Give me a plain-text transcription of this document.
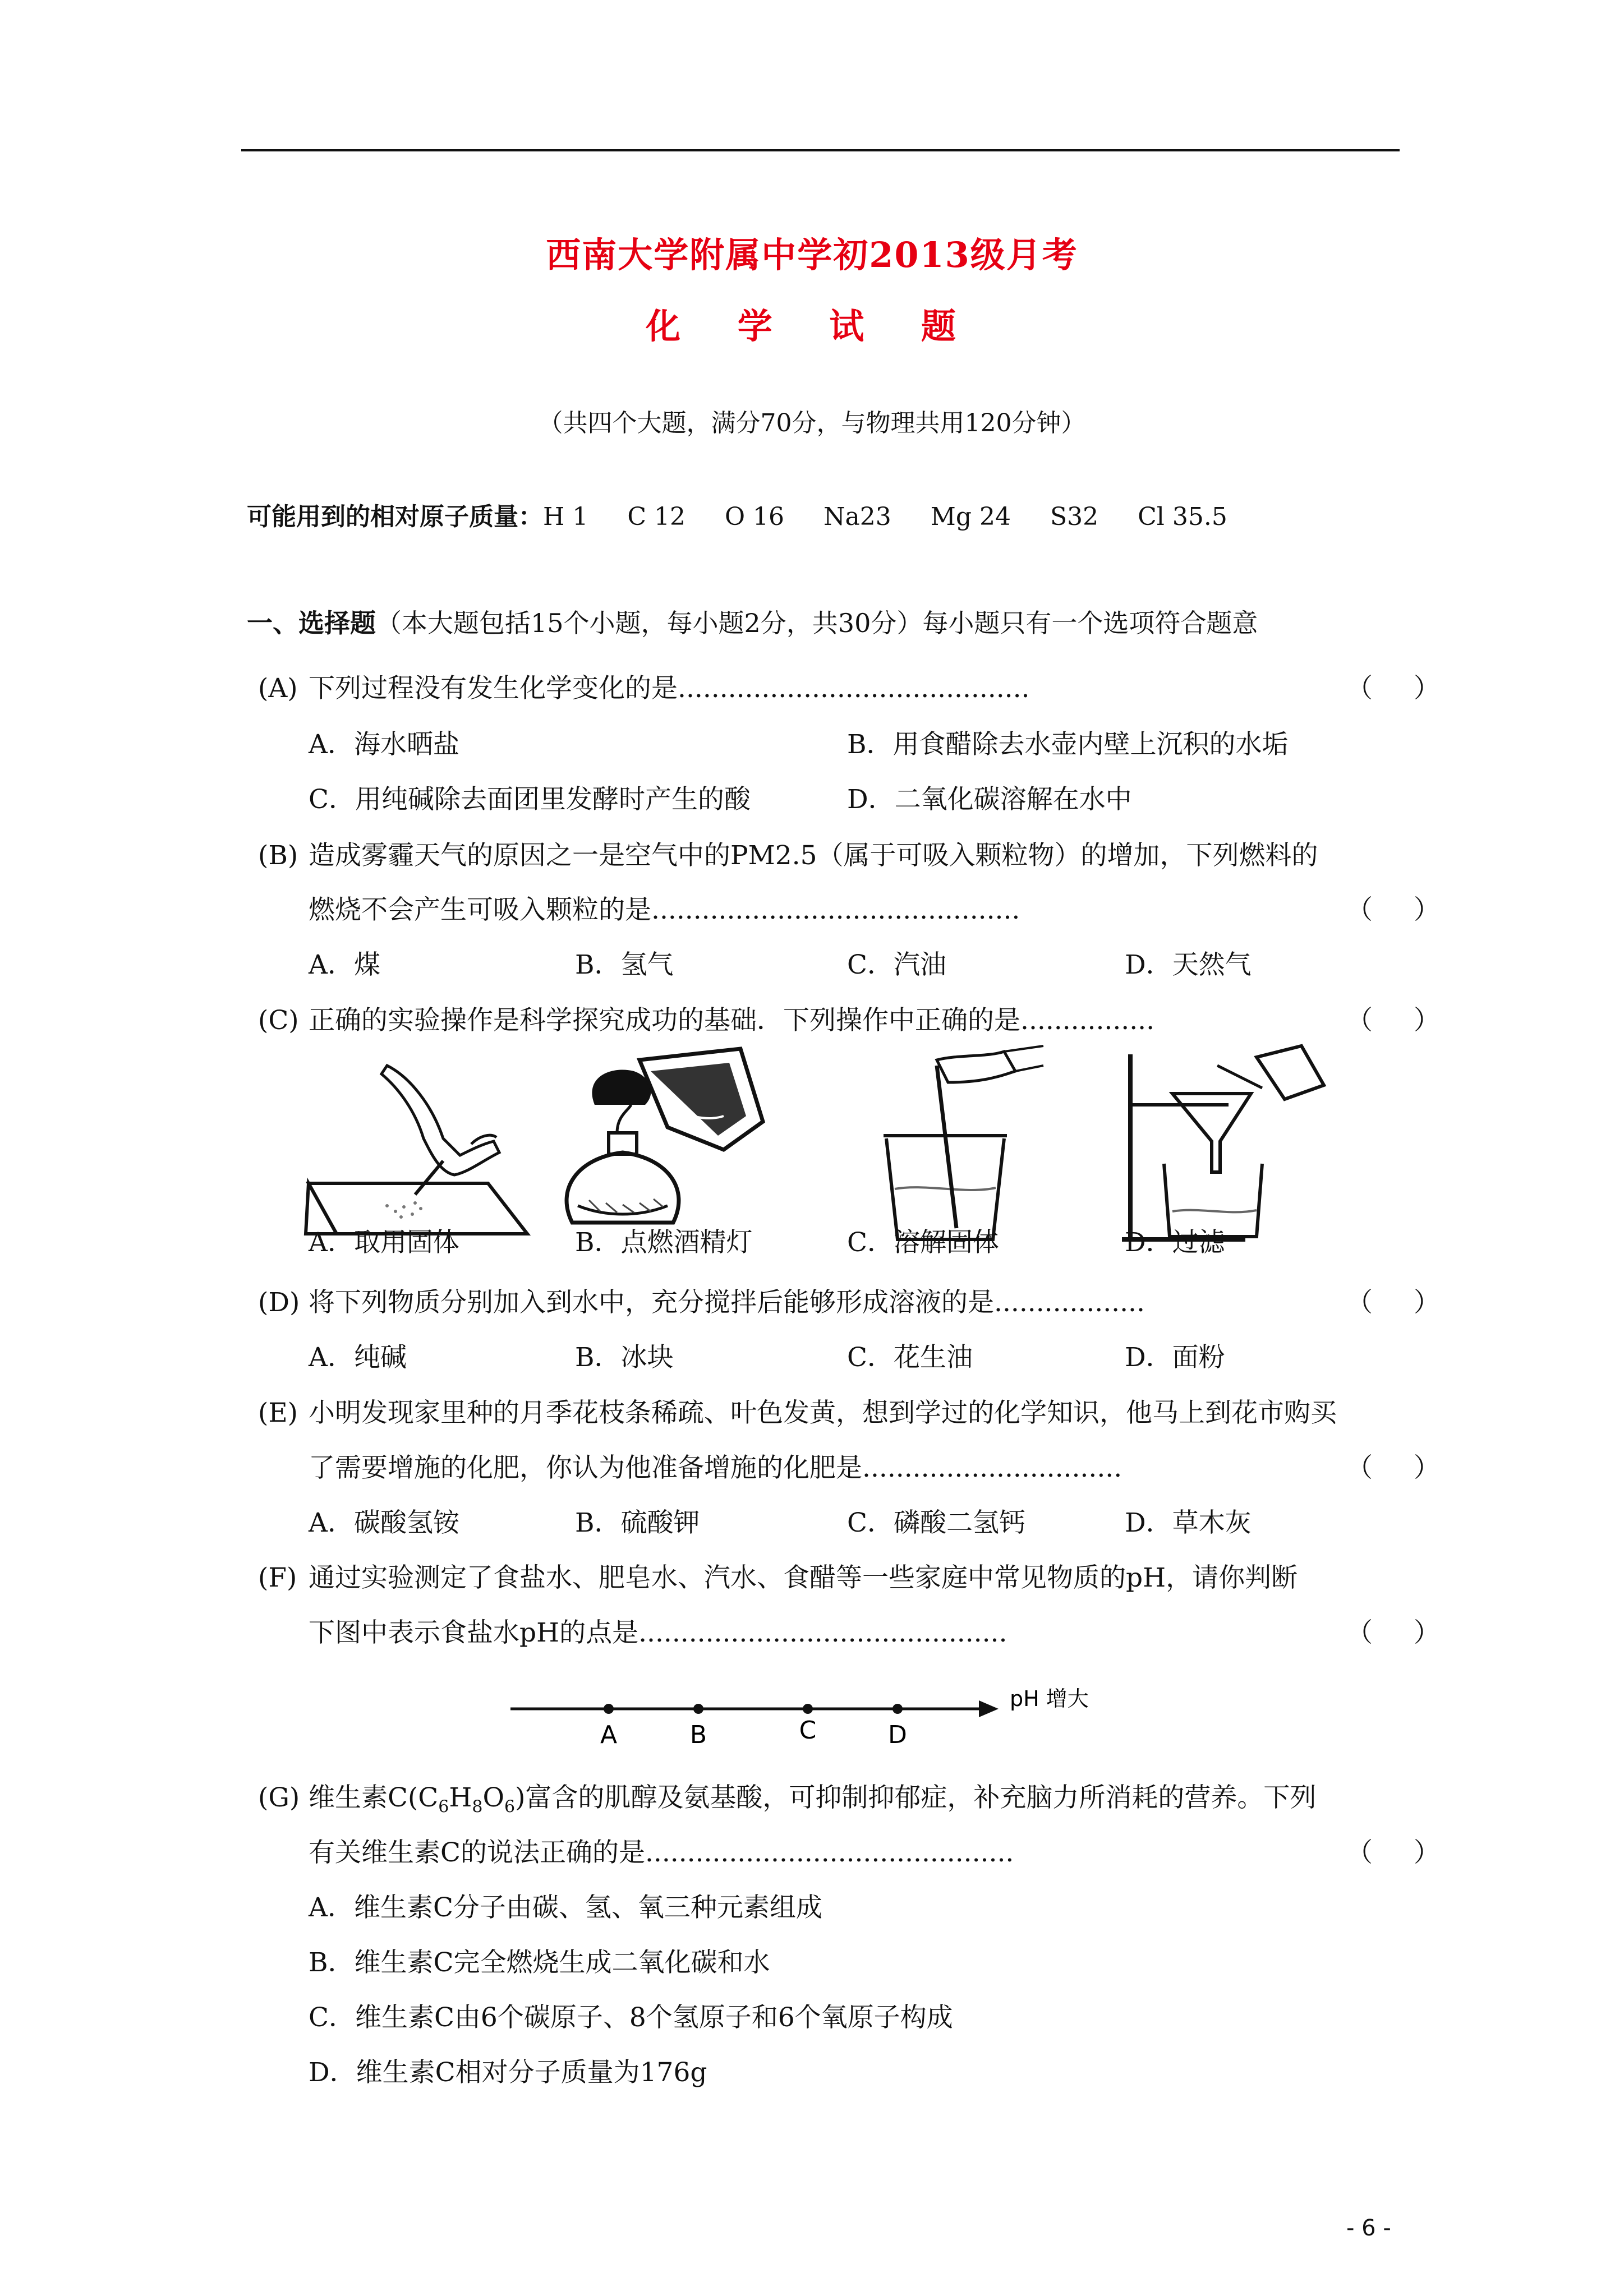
西南大学附属中学初2013级月考
化 学 试 题
（共四个大题，满分70分，与物理共用120分钟）
可能用到的相对原子质量：H 1 C 12 O 16 Na23 Mg 24 S32 Cl 35.5
一、选择题（本大题包括15个小题，每小题2分，共30分）每小题只有一个选项符合题意
(A) 下列过程没有发生化学变化的是..........................................	（ ）
A．海水晒盐	B．用食醋除去水壶内壁上沉积的水垢
C．用纯碱除去面团里发酵时产生的酸	D．二氧化碳溶解在水中
(B) 造成雾霾天气的原因之一是空气中的PM2.5（属于可吸入颗粒物）的增加，下列燃料的
燃烧不会产生可吸入颗粒的是............................................	（ ）
A．煤	B．氢气	C．汽油	D．天然气
(C) 正确的实验操作是科学探究成功的基础．下列操作中正确的是................	（ ）
A．取用固体	B．点燃酒精灯	C．溶解固体	D．过滤
(D) 将下列物质分别加入到水中，充分搅拌后能够形成溶液的是..................	（ ）
A．纯碱	B．冰块	C．花生油	D．面粉
(E) 小明发现家里种的月季花枝条稀疏、叶色发黄，想到学过的化学知识，他马上到花市购买
了需要增施的化肥，你认为他准备增施的化肥是...............................	（ ）
A．碳酸氢铵	B．硫酸钾	C．磷酸二氢钙	D．草木灰
(F) 通过实验测定了食盐水、肥皂水、汽水、食醋等一些家庭中常见物质的pH，请你判断
下图中表示食盐水pH的点是............................................	（ ）
A	B	C	D
pH 增大
(G) 维生素$C(C_6H_8O_6)$富含的肌醇及氨基酸，可抑制抑郁症，补充脑力所消耗的营养。下列
有关维生素C的说法正确的是............................................	（ ）
A．维生素C分子由碳、氢、氧三种元素组成
B．维生素C完全燃烧生成二氧化碳和水
C．维生素C由6个碳原子、8个氢原子和6个氧原子构成
D．维生素C相对分子质量为176g
- 6 -
